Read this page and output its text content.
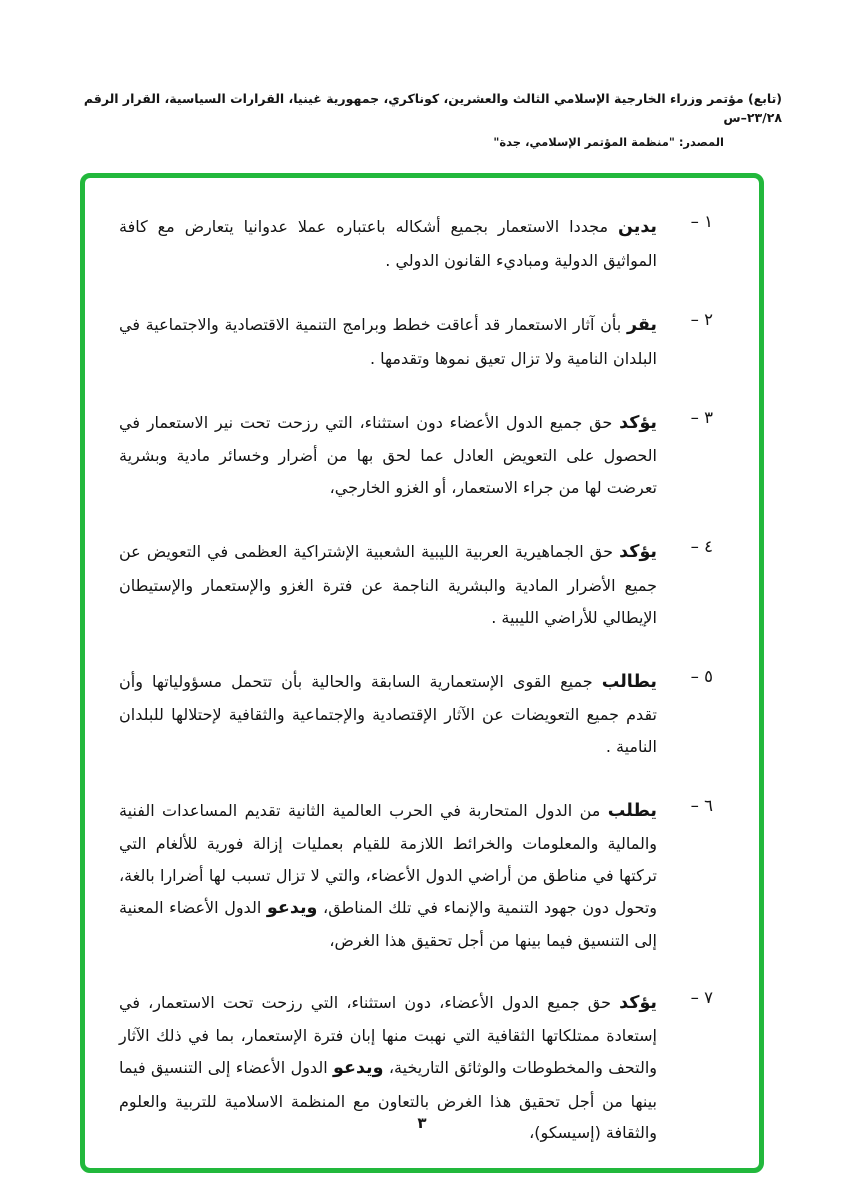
(تابع) مؤتمر وزراء الخارجية الإسلامي الثالث والعشرين، كوناكري، جمهورية غينيا، القرارات السياسية، القرار الرقم ٢٣/٢٨–س
المصدر: "منظمة المؤتمر الإسلامي، جدة"
١ –

يدين مجددا الاستعمار بجميع أشكاله باعتباره عملا عدوانيا يتعارض مع كافة المواثيق الدولية ومباديء القانون الدولي .

٢ –

يقر بأن آثار الاستعمار قد أعاقت خطط وبرامج التنمية الاقتصادية والاجتماعية في البلدان النامية ولا تزال تعيق نموها وتقدمها .

٣ –

يؤكد حق جميع الدول الأعضاء دون استثناء، التي رزحت تحت نير الاستعمار في الحصول على التعويض العادل عما لحق بها من أضرار وخسائر مادية وبشرية تعرضت لها من جراء الاستعمار، أو الغزو الخارجي،

٤ –

يؤكد حق الجماهيرية العربية الليبية الشعبية الإشتراكية العظمى في التعويض عن جميع الأضرار المادية والبشرية الناجمة عن فترة الغزو والإستعمار والإستيطان الإيطالي للأراضي الليبية .

٥ –

يطالب جميع القوى الإستعمارية السابقة والحالية بأن تتحمل مسؤولياتها وأن تقدم جميع التعويضات عن الآثار الإقتصادية والإجتماعية والثقافية لإحتلالها للبلدان النامية .

٦ –

يطلب من الدول المتحاربة في الحرب العالمية الثانية تقديم المساعدات الفنية والمالية والمعلومات والخرائط اللازمة للقيام بعمليات إزالة فورية للألغام التي تركتها في مناطق من أراضي الدول الأعضاء، والتي لا تزال تسبب لها أضرارا بالغة، وتحول دون جهود التنمية والإنماء في تلك المناطق، ويدعو الدول الأعضاء المعنية إلى التنسيق فيما بينها من أجل تحقيق هذا الغرض،

٧ –

يؤكد حق جميع الدول الأعضاء، دون استثناء، التي رزحت تحت الاستعمار، في إستعادة ممتلكاتها الثقافية التي نهبت منها إبان فترة الإستعمار، بما في ذلك الآثار والتحف والمخطوطات والوثائق التاريخية، ويدعو الدول الأعضاء إلى التنسيق فيما بينها من أجل تحقيق هذا الغرض بالتعاون مع المنظمة الاسلامية للتربية والعلوم والثقافة (إسيسكو)،

٣
